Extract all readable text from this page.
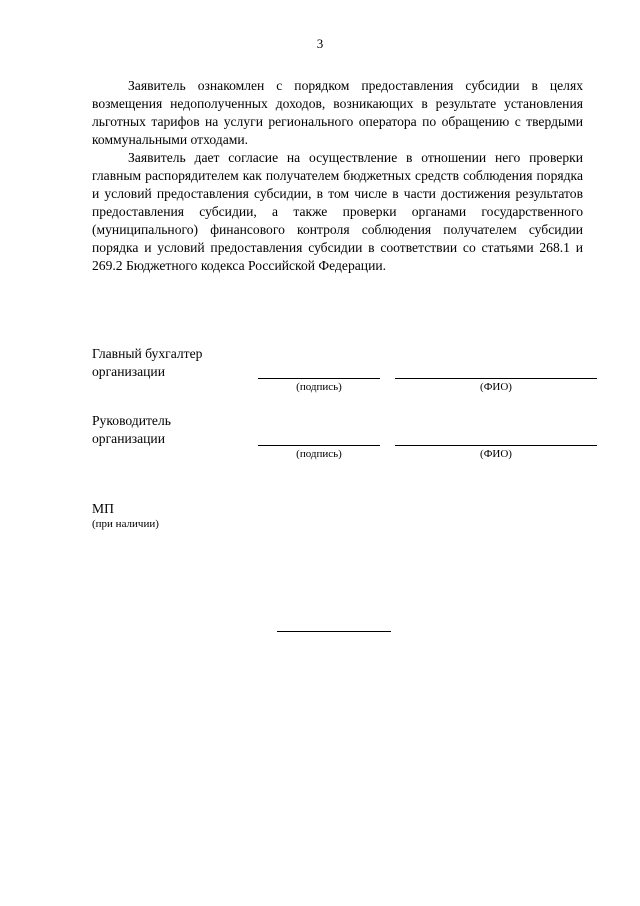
3

Заявитель ознакомлен с порядком предоставления субсидии в целях возмещения недополученных доходов, возникающих в результате установления льготных тарифов на услуги регионального оператора по обращению с твердыми коммунальными отходами.

Заявитель дает согласие на осуществление в отношении него проверки главным распорядителем как получателем бюджетных средств соблюдения порядка и условий предоставления субсидии, в том числе в части достижения результатов предоставления субсидии, а также проверки органами государственного (муниципального) финансового контроля соблюдения получателем субсидии порядка и условий предоставления субсидии в соответствии со статьями 268.1 и 269.2 Бюджетного кодекса Российской Федерации.

Главный бухгалтер
организации
(подпись)	(ФИО)
Руководитель
организации
(подпись)	(ФИО)
МП
(при наличии)
